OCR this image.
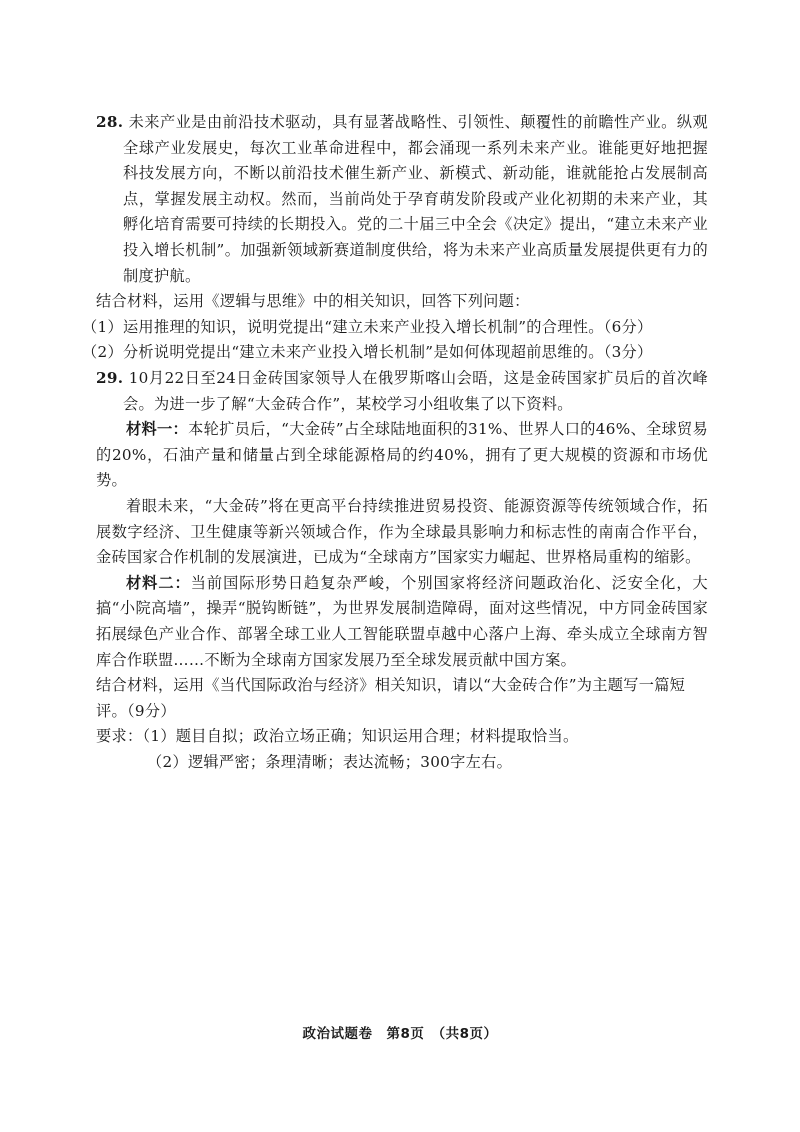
28. 未来产业是由前沿技术驱动，具有显著战略性、引领性、颠覆性的前瞻性产业。纵观全球产业发展史，每次工业革命进程中，都会涌现一系列未来产业。谁能更好地把握科技发展方向，不断以前沿技术催生新产业、新模式、新动能，谁就能抢占发展制高点，掌握发展主动权。然而，当前尚处于孕育萌发阶段或产业化初期的未来产业，其孵化培育需要可持续的长期投入。党的二十届三中全会《决定》提出，“建立未来产业投入增长机制”。加强新领域新赛道制度供给，将为未来产业高质量发展提供更有力的制度护航。

结合材料，运用《逻辑与思维》中的相关知识，回答下列问题：

（1）运用推理的知识，说明党提出“建立未来产业投入增长机制”的合理性。（6分）

（2）分析说明党提出“建立未来产业投入增长机制”是如何体现超前思维的。（3分）

29. 10月22日至24日金砖国家领导人在俄罗斯喀山会晤，这是金砖国家扩员后的首次峰会。为进一步了解“大金砖合作”，某校学习小组收集了以下资料。

材料一：本轮扩员后，“大金砖”占全球陆地面积的31%、世界人口的46%、全球贸易的20%，石油产量和储量占到全球能源格局的约40%，拥有了更大规模的资源和市场优势。

着眼未来，“大金砖”将在更高平台持续推进贸易投资、能源资源等传统领域合作，拓展数字经济、卫生健康等新兴领域合作，作为全球最具影响力和标志性的南南合作平台，金砖国家合作机制的发展演进，已成为“全球南方”国家实力崛起、世界格局重构的缩影。

材料二：当前国际形势日趋复杂严峻，个别国家将经济问题政治化、泛安全化，大搞“小院高墙”，操弄“脱钩断链”，为世界发展制造障碍，面对这些情况，中方同金砖国家拓展绿色产业合作、部署全球工业人工智能联盟卓越中心落户上海、牵头成立全球南方智库合作联盟……不断为全球南方国家发展乃至全球发展贡献中国方案。

结合材料，运用《当代国际政治与经济》相关知识，请以“大金砖合作”为主题写一篇短评。（9分）

要求：（1）题目自拟；政治立场正确；知识运用合理；材料提取恰当。

（2）逻辑严密；条理清晰；表达流畅；300字左右。

政治试题卷　第8页　（共8页）
